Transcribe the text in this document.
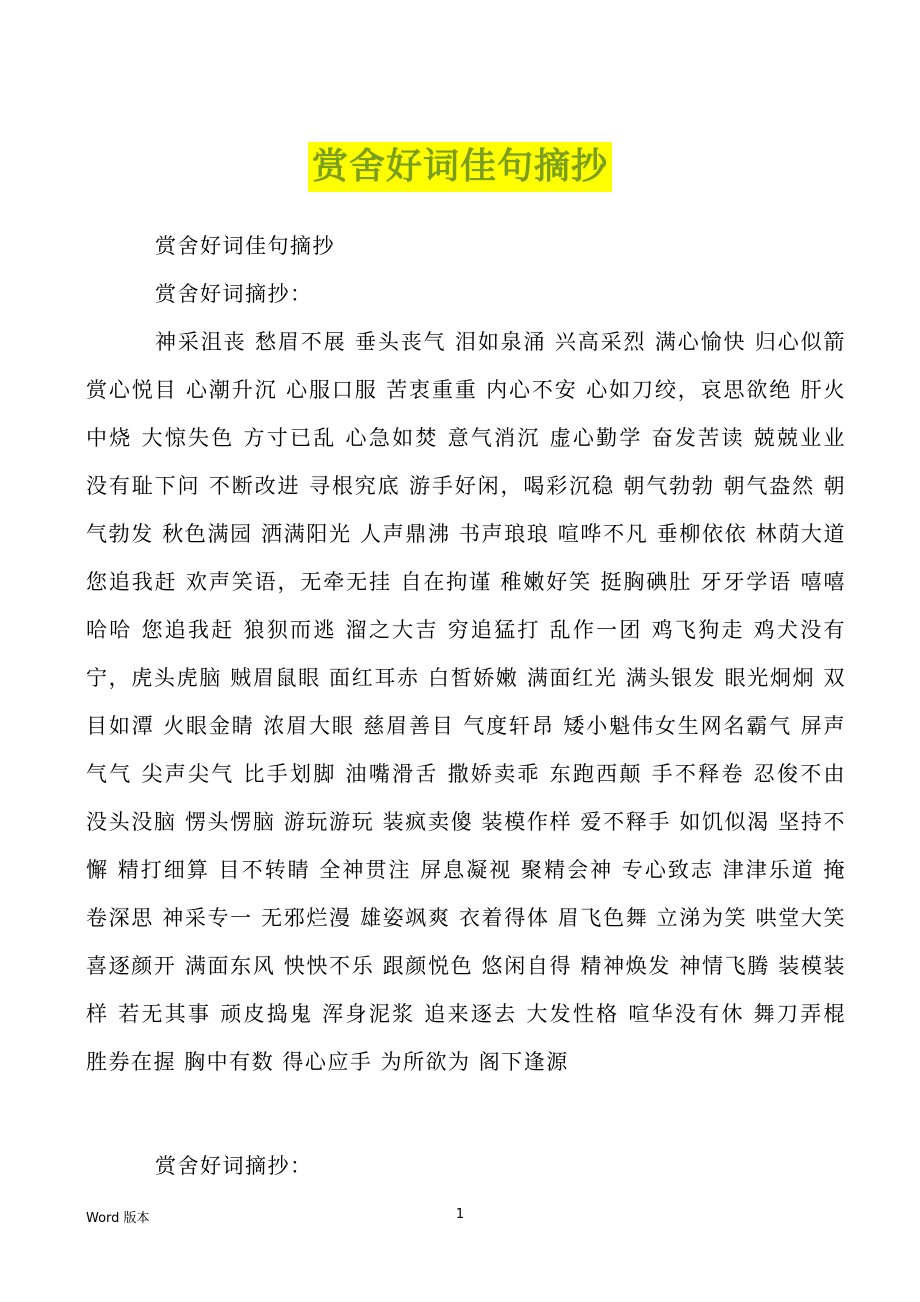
赏舍好词佳句摘抄

赏舍好词佳句摘抄

赏舍好词摘抄：

神采沮丧 愁眉不展 垂头丧气 泪如泉涌 兴高采烈 满心愉快 归心似箭 赏心悦目 心潮升沉 心服口服 苦衷重重 内心不安 心如刀绞，哀思欲绝 肝火中烧 大惊失色 方寸已乱 心急如焚 意气消沉 虚心勤学 奋发苦读 兢兢业业 没有耻下问 不断改进 寻根究底 游手好闲，喝彩沉稳 朝气勃勃 朝气盎然 朝气勃发 秋色满园 洒满阳光 人声鼎沸 书声琅琅 喧哗不凡 垂柳依依 林荫大道 您追我赶 欢声笑语，无牵无挂 自在拘谨 稚嫩好笑 挺胸碘肚 牙牙学语 嘻嘻哈哈 您追我赶 狼狈而逃 溜之大吉 穷追猛打 乱作一团 鸡飞狗走 鸡犬没有宁，虎头虎脑 贼眉鼠眼 面红耳赤 白皙娇嫩 满面红光 满头银发 眼光炯炯 双目如潭 火眼金睛 浓眉大眼 慈眉善目 气度轩昂 矮小魁伟女生网名霸气 屏声气气 尖声尖气 比手划脚 油嘴滑舌 撒娇卖乖 东跑西颠 手不释卷 忍俊不由 没头没脑 愣头愣脑 游玩游玩 装疯卖傻 装模作样 爱不释手 如饥似渴 坚持不懈 精打细算 目不转睛 全神贯注 屏息凝视 聚精会神 专心致志 津津乐道 掩卷深思 神采专一 无邪烂漫 雄姿飒爽 衣着得体 眉飞色舞 立涕为笑 哄堂大笑 喜逐颜开 满面东风 怏怏不乐 跟颜悦色 悠闲自得 精神焕发 神情飞腾 装模装样 若无其事 顽皮捣鬼 浑身泥浆 追来逐去 大发性格 喧华没有休 舞刀弄棍 胜券在握 胸中有数 得心应手 为所欲为 阁下逢源

赏舍好词摘抄：

Word 版本	1
